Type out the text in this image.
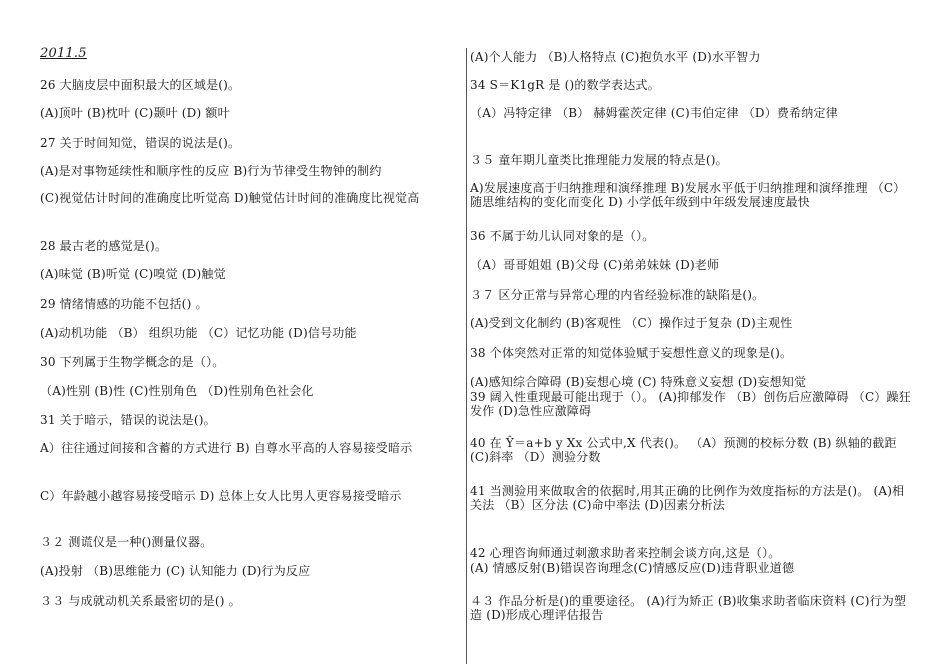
2011.5
26 大脑皮层中面积最大的区域是()。
(A)顶叶 (B)枕叶 (C)颞叶 (D) 额叶
27 关于时间知觉，错误的说法是()。
(A)是对事物延续性和顺序性的反应 B)行为节律受生物钟的制约
(C)视觉估计时间的准确度比听觉高 D)触觉估计时间的准确度比视觉高
28 最古老的感觉是()。
(A)味觉 (B)听觉 (C)嗅觉 (D)触觉
29 情绪情感的功能不包括() 。
(A)动机功能 （B） 组织功能 （C）记忆功能 (D)信号功能
30 下列属于生物学概念的是（）。
（A)性别 (B)性 (C)性别角色 （D)性别角色社会化
31 关于暗示，错误的说法是()。
A）往往通过间接和含蓄的方式进行 B) 自尊水平高的人容易接受暗示
C）年龄越小越容易接受暗示 D) 总体上女人比男人更容易接受暗示
３２ 测谎仪是一种()测量仪器。
(A)投射 （B)思维能力 (C) 认知能力 (D)行为反应
３３ 与成就动机关系最密切的是() 。
(A)个人能力 （B)人格特点 (C)抱负水平 (D)水平智力
34 S＝K1gR 是 ()的数学表达式。
（A）冯特定律 （B） 赫姆霍茨定律 (C)韦伯定律 （D）费希纳定律
３５ 童年期儿童类比推理能力发展的特点是()。
A)发展速度高于归纳推理和演绎推理 B)发展水平低于归纳推理和演绎推理 （C）随思维结构的变化而变化 D) 小学低年级到中年级发展速度最快
36 不属于幼儿认同对象的是（）。
（A）哥哥姐姐 (B)父母 (C)弟弟妹妹 (D)老师
３７ 区分正常与异常心理的内省经验标准的缺陷是()。
(A)受到文化制约 (B)客观性 （C）操作过于复杂 (D)主观性
38 个体突然对正常的知觉体验赋于妄想性意义的现象是()。
(A)感知综合障碍 (B)妄想心境 (C) 特殊意义妄想 (D)妄想知觉
39 阔入性重现最可能出现于（）。 (A)抑郁发作 （B）创伤后应激障碍 （C）躁狂发作 (D)急性应激障碍
40 在 Ŷ＝a+b y Xx 公式中,X 代表()。 （A）预测的校标分数 (B) 纵轴的截距 (C)斜率 （D）测验分数
41 当测验用来做取舍的依据时,用其正确的比例作为效度指标的方法是()。 (A)相关法 （B）区分法 (C)命中率法 (D)因素分析法
42 心理咨询师通过刺激求助者来控制会谈方向,这是（）。
(A) 情感反射(B)错误咨询理念(C)情感反应(D)违背职业道德
４３ 作品分析是()的重要途径。 (A)行为矫正 (B)收集求助者临床资料 (C)行为塑造 (D)形成心理评估报告
